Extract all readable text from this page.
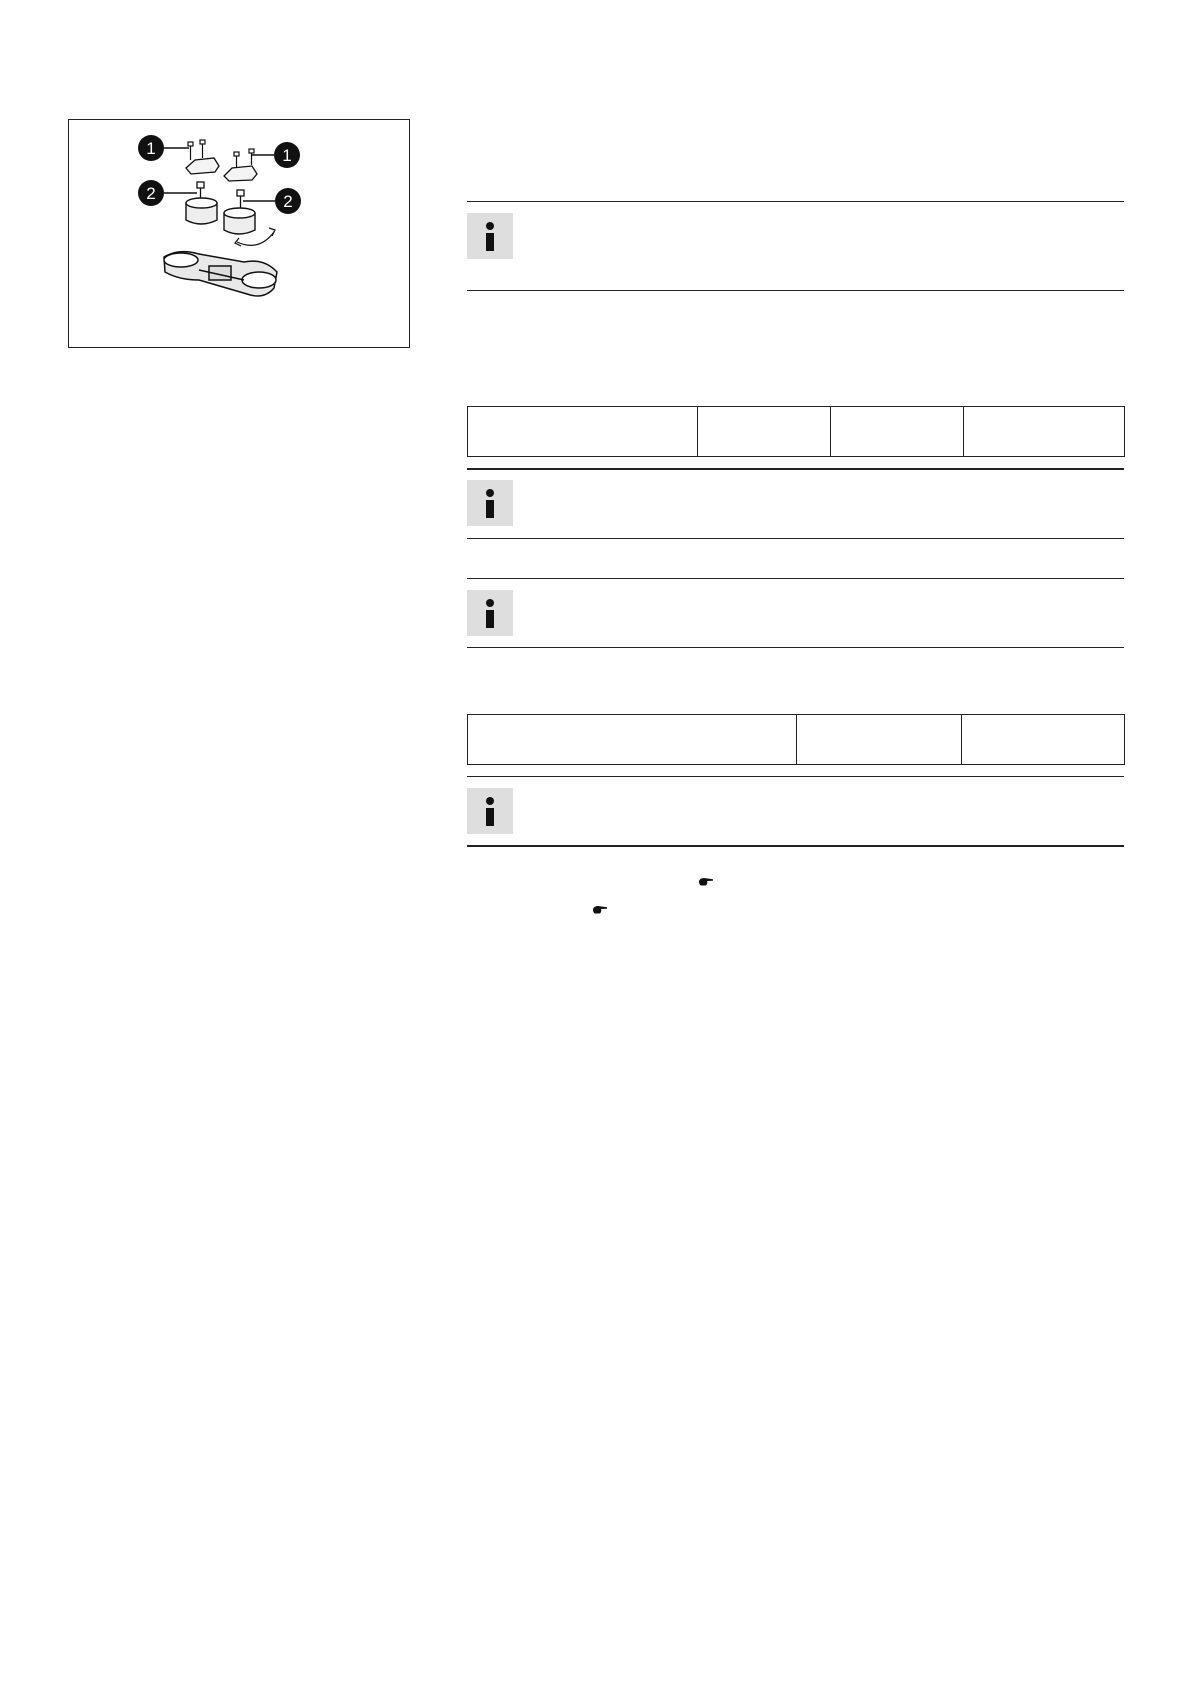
1	1
2	2
